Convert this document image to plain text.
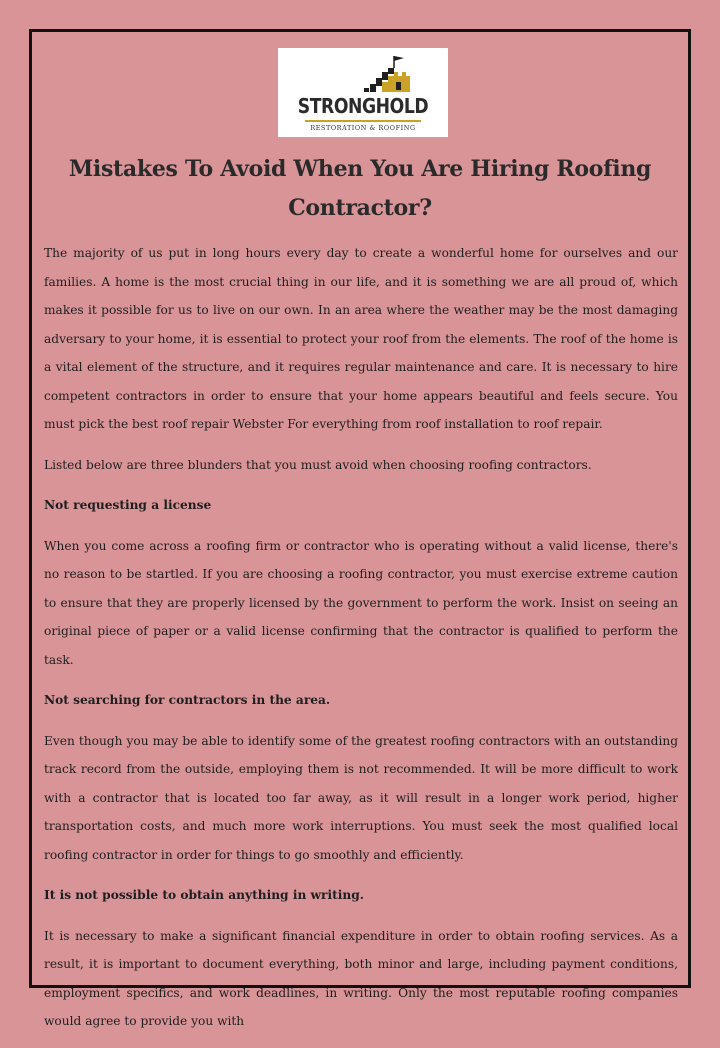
STRONGHOLD
RESTORATION & ROOFING
Mistakes To Avoid When You Are Hiring Roofing Contractor?

The majority of us put in long hours every day to create a wonderful home for ourselves and our families. A home is the most crucial thing in our life, and it is something we are all proud of, which makes it possible for us to live on our own. In an area where the weather may be the most damaging adversary to your home, it is essential to protect your roof from the elements. The roof of the home is a vital element of the structure, and it requires regular maintenance and care. It is necessary to hire competent contractors in order to ensure that your home appears beautiful and feels secure. You must pick the best roof repair Webster For everything from roof installation to roof repair.

Listed below are three blunders that you must avoid when choosing roofing contractors.

Not requesting a license

When you come across a roofing firm or contractor who is operating without a valid license, there's no reason to be startled. If you are choosing a roofing contractor, you must exercise extreme caution to ensure that they are properly licensed by the government to perform the work. Insist on seeing an original piece of paper or a valid license confirming that the contractor is qualified to perform the task.

Not searching for contractors in the area.

Even though you may be able to identify some of the greatest roofing contractors with an outstanding track record from the outside, employing them is not recommended. It will be more difficult to work with a contractor that is located too far away, as it will result in a longer work period, higher transportation costs, and much more work interruptions. You must seek the most qualified local roofing contractor in order for things to go smoothly and efficiently.

It is not possible to obtain anything in writing.

It is necessary to make a significant financial expenditure in order to obtain roofing services. As a result, it is important to document everything, both minor and large, including payment conditions, employment specifics, and work deadlines, in writing. Only the most reputable roofing companies would agree to provide you with
